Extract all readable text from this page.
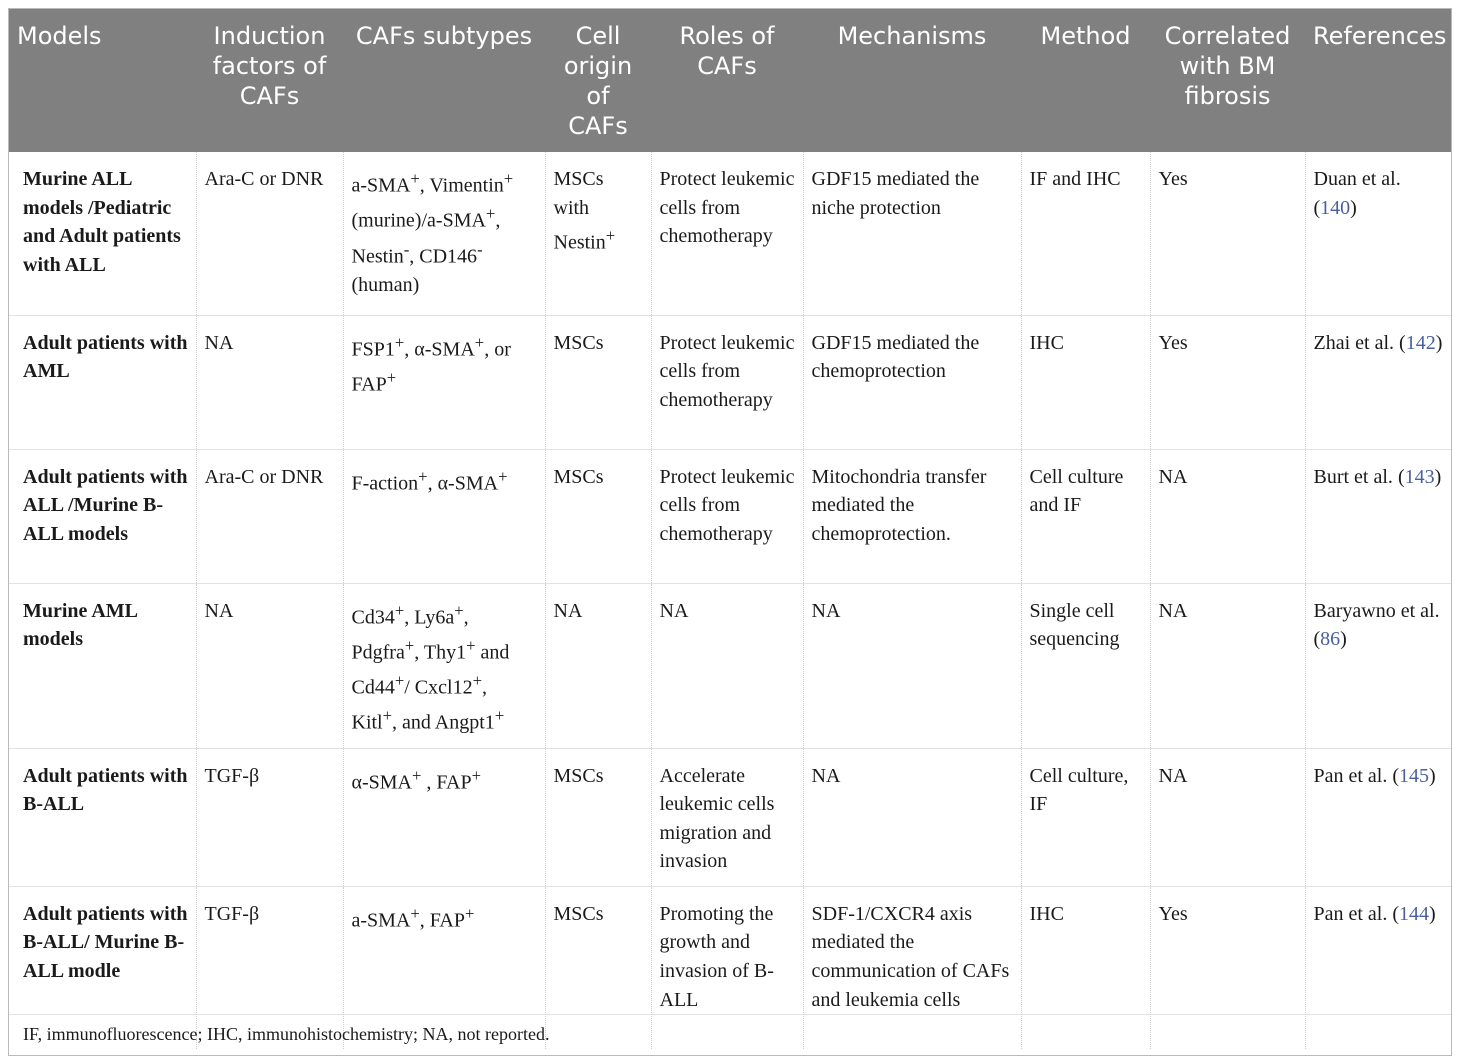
Models	Induction factors of CAFs	CAFs subtypes	Cell origin of CAFs	Roles of CAFs	Mechanisms	Method	Correlated with BM fibrosis	References
Murine ALL models /Pediatric and Adult patients with ALL	Ara-C or DNR	a-SMA+, Vimentin+ (murine)/a-SMA+, Nestin-, CD146- (human)	MSCs with Nestin+	Protect leukemic cells from chemotherapy	GDF15 mediated the niche protection	IF and IHC	Yes	Duan et al. (140)
Adult patients with AML	NA	FSP1+, α-SMA+, or FAP+	MSCs	Protect leukemic cells from chemotherapy	GDF15 mediated the chemoprotection	IHC	Yes	Zhai et al. (142)
Adult patients with ALL /Murine B-ALL models	Ara-C or DNR	F-action+, α-SMA+	MSCs	Protect leukemic cells from chemotherapy	Mitochondria transfer mediated the chemoprotection.	Cell culture and IF	NA	Burt et al. (143)
Murine AML models	NA	Cd34+, Ly6a+, Pdgfra+, Thy1+ and Cd44+/ Cxcl12+, Kitl+, and Angpt1+	NA	NA	NA	Single cell sequencing	NA	Baryawno et al. (86)
Adult patients with B-ALL	TGF-β	α-SMA+ , FAP+	MSCs	Accelerate leukemic cells migration and invasion	NA	Cell culture, IF	NA	Pan et al. (145)
Adult patients with B-ALL/ Murine B-ALL modle	TGF-β	a-SMA+, FAP+	MSCs	Promoting the growth and invasion of B-ALL	SDF-1/CXCR4 axis mediated the communication of CAFs and leukemia cells	IHC	Yes	Pan et al. (144)
IF, immunofluorescence; IHC, immunohistochemistry; NA, not reported.
